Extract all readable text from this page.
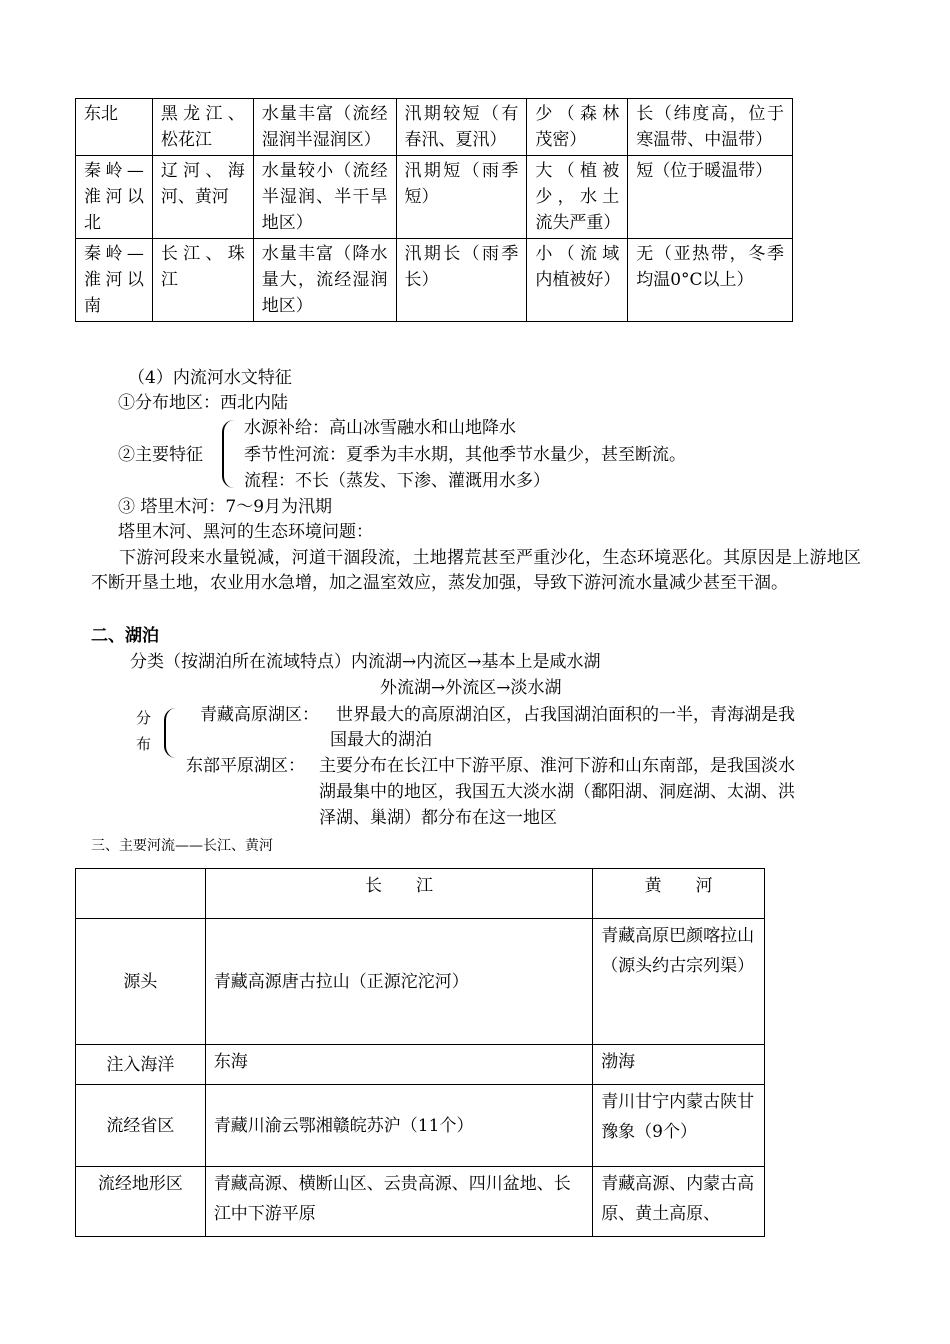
东北	黑龙江、松花江	水量丰富（流经湿润半湿润区）	汛期较短（有春汛、夏汛）	少（森林茂密）	长（纬度高，位于寒温带、中温带）
秦岭—淮河以北	辽河、海河、黄河	水量较小（流经半湿润、半干旱地区）	汛期短（雨季短）	大（植被少，水土流失严重）	短（位于暖温带）
秦岭—淮河以南	长江、珠江	水量丰富（降水量大，流经湿润地区）	汛期长（雨季长）	小（流域内植被好）	无（亚热带，冬季均温0°C以上）
（4）内流河水文特征
①分布地区：西北内陆
水源补给：高山冰雪融水和山地降水
②主要特征 季节性河流：夏季为丰水期，其他季节水量少，甚至断流。
流程：不长（蒸发、下渗、灌溉用水多）
③ 塔里木河：7～9月为汛期
塔里木河、黑河的生态环境问题：
下游河段来水量锐减，河道干涸段流，土地撂荒甚至严重沙化，生态环境恶化。其原因是上游地区不断开垦土地，农业用水急增，加之温室效应，蒸发加强，导致下游河流水量减少甚至干涸。
二、湖泊
分类（按湖泊所在流域特点）内流湖→内流区→基本上是咸水湖
外流湖→外流区→淡水湖
分
布
青藏高原湖区： 世界最大的高原湖泊区，占我国湖泊面积的一半，青海湖是我
国最大的湖泊
东部平原湖区： 主要分布在长江中下游平原、淮河下游和山东南部，是我国淡水
湖最集中的地区，我国五大淡水湖（鄱阳湖、洞庭湖、太湖、洪
泽湖、巢湖）都分布在这一地区
三、主要河流——长江、黄河
	长　　江	黄　　河
源头	青藏高源唐古拉山（正源沱沱河）	青藏高原巴颜喀拉山（源头约古宗列渠）
注入海洋	东海	渤海
流经省区	青藏川渝云鄂湘赣皖苏沪（11个）	青川甘宁内蒙古陕甘豫象（9个）
流经地形区	青藏高源、横断山区、云贵高源、四川盆地、长江中下游平原	青藏高源、内蒙古高原、黄土高原、
